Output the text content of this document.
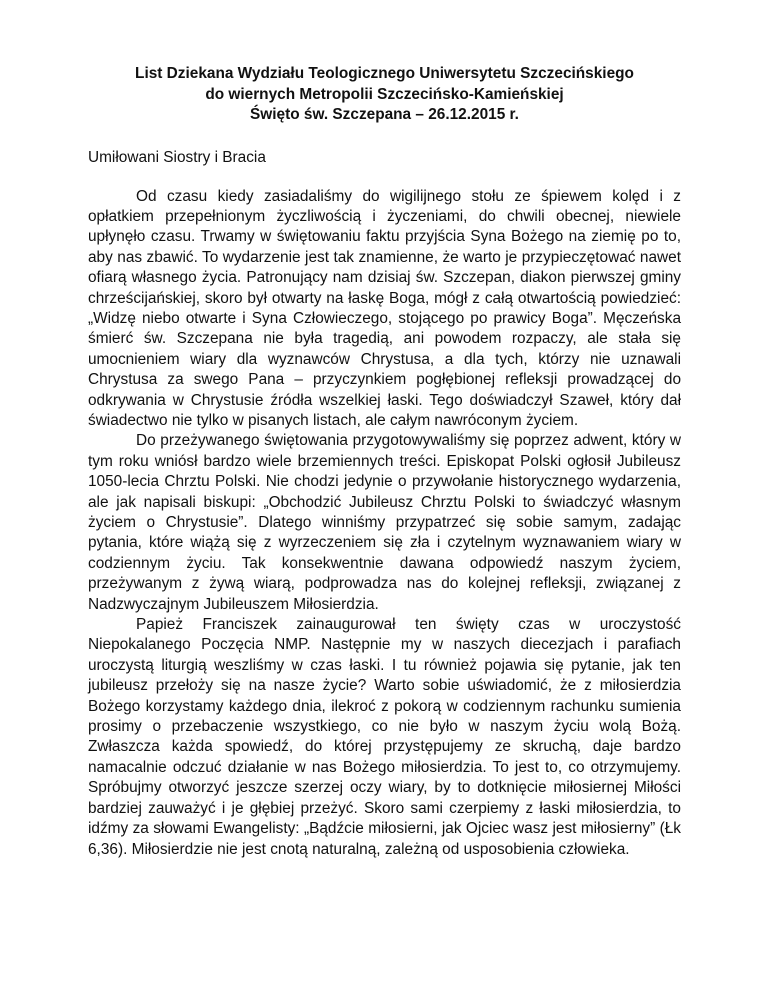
List Dziekana Wydziału Teologicznego Uniwersytetu Szczecińskiego
do wiernych Metropolii Szczecińsko-Kamieńskiej
Święto św. Szczepana – 26.12.2015 r.

Umiłowani Siostry i Bracia

Od czasu kiedy zasiadaliśmy do wigilijnego stołu ze śpiewem kolęd i z opłatkiem przepełnionym życzliwością i życzeniami, do chwili obecnej, niewiele upłynęło czasu. Trwamy w świętowaniu faktu przyjścia Syna Bożego na ziemię po to, aby nas zbawić. To wydarzenie jest tak znamienne, że warto je przypieczętować nawet ofiarą własnego życia. Patronujący nam dzisiaj św. Szczepan, diakon pierwszej gminy chrześcijańskiej, skoro był otwarty na łaskę Boga, mógł z całą otwartością powiedzieć: „Widzę niebo otwarte i Syna Człowieczego, stojącego po prawicy Boga”. Męczeńska śmierć św. Szczepana nie była tragedią, ani powodem rozpaczy, ale stała się umocnieniem wiary dla wyznawców Chrystusa, a dla tych, którzy nie uznawali Chrystusa za swego Pana – przyczynkiem pogłębionej refleksji prowadzącej do odkrywania w Chrystusie źródła wszelkiej łaski. Tego doświadczył Szaweł, który dał świadectwo nie tylko w pisanych listach, ale całym nawróconym życiem.

Do przeżywanego świętowania przygotowywaliśmy się poprzez adwent, który w tym roku wniósł bardzo wiele brzemiennych treści. Episkopat Polski ogłosił Jubileusz 1050-lecia Chrztu Polski. Nie chodzi jedynie o przywołanie historycznego wydarzenia, ale jak napisali biskupi: „Obchodzić Jubileusz Chrztu Polski to świadczyć własnym życiem o Chrystusie”. Dlatego winniśmy przypatrzeć się sobie samym, zadając pytania, które wiążą się z wyrzeczeniem się zła i czytelnym wyznawaniem wiary w codziennym życiu. Tak konsekwentnie dawana odpowiedź naszym życiem, przeżywanym z żywą wiarą, podprowadza nas do kolejnej refleksji, związanej z Nadzwyczajnym Jubileuszem Miłosierdzia.

Papież Franciszek zainaugurował ten święty czas w uroczystość Niepokalanego Poczęcia NMP. Następnie my w naszych diecezjach i parafiach uroczystą liturgią weszliśmy w czas łaski. I tu również pojawia się pytanie, jak ten jubileusz przełoży się na nasze życie? Warto sobie uświadomić, że z miłosierdzia Bożego korzystamy każdego dnia, ilekroć z pokorą w codziennym rachunku sumienia prosimy o przebaczenie wszystkiego, co nie było w naszym życiu wolą Bożą. Zwłaszcza każda spowiedź, do której przystępujemy ze skruchą, daje bardzo namacalnie odczuć działanie w nas Bożego miłosierdzia. To jest to, co otrzymujemy. Spróbujmy otworzyć jeszcze szerzej oczy wiary, by to dotknięcie miłosiernej Miłości bardziej zauważyć i je głębiej przeżyć. Skoro sami czerpiemy z łaski miłosierdzia, to idźmy za słowami Ewangelisty: „Bądźcie miłosierni, jak Ojciec wasz jest miłosierny” (Łk 6,36). Miłosierdzie nie jest cnotą naturalną, zależną od usposobienia człowieka.
